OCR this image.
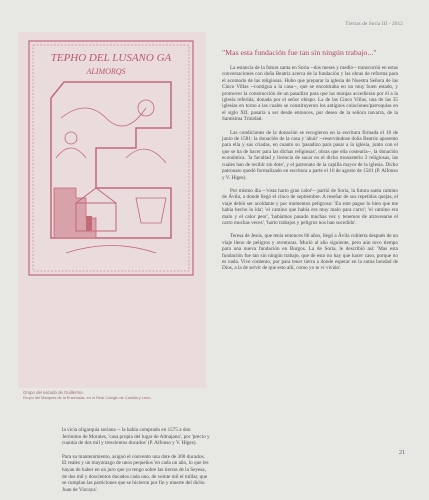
Tierras de Soria III - 2012
TEPHO DEL LUSANO GA
ALIMORQS
Grupo del escudo de Guillermo.
Grupo del Marqués de la Ensenada, en el Real Colegio de Castilla y León.

la vicia oligarquía soriana -- la había comprado en 1575 a don Jerónimo de Morales, 'casa propia del lugar de Almajano', por 'precio y cuantía de dos mil y trescientos ducados' (P. Alfonso y V. Higes).

Para su mantenimiento, asignó el convento una dote de 300 ducados. El reales y un mayorazgo de unos pequeños 'en cada un año, lo que les hayan de haber en un juro que yo tengo sobre las tierras de la Seyesa, de dos mil y doscientos ducados cada uno, de veinte mil el millar, que se cumplan las particiones que se hicieron por fin y muerte del dicho Juan de Vizcaya'.

"Mas esta fundación fue tan sin ningún trabajo..."

La estancia de la futura santa en Soria --dos meses y medio-- transcurrió en estas conversaciones con doña Beatriz acerca de la fundación y las obras de reforma para el acomodo de las religiosas. Hubo que preparar la iglesia de Nuestra Señora de las Cinco Villas --contigua a la casa--, que se encontraba en un muy buen estado, y promover la construcción de un pasadizo para que las monjas accedieran por él a la iglesia referida, donada por el señor obispo. La de las Cinco Villas, una de las 35 iglesias en torno a las cuales se constituyeron los antiguos colaciones/parroquias en el siglo XII, pasaría a ser desde entonces, por deseo de la señora navarra, de la Santísima Trinidad.

Las condiciones de la donación se recogieron en la escritura firmada el 16 de junio de 1581: la donación de la casa y 'ahuir' --reservándose doña Beatriz aposento para ella y sus criadas, en cuanto su 'pasadizo para pasar a la iglesia, junto con el que se ha de hacer para las dichas religiosas', obras que ella costearía--, la donación económica. 'la facultad y licencia de sacar en el dicho monasterio 3 religiosas, las cuales han de recibir sin dote', y el patronato de la capilla mayor de la iglesia. Dicho patronato quedó formalizado en escritura a parte el 16 de agosto de 1581 (P. Alfonso y V. Higes).

Por mismo día --'vista harto gran calor'-- partió de Soria, la futura santa camino de Ávila, a donde llegó el cinco de septiembre. A reseñar de sus repetidas quejas, el viaje debió ser acoldante y por momentos peligroso: 'En este pague lo bien que me había hecho la ida'; 'el camino que había era muy malo para carro'; 'el camino era malo y el calor peor', 'habíamos pasado muchas vez y tenemos de atravesarse el carro muchas veces', 'harto trabajos y peligros nos han sucedido'.

Teresa de Jesús, que tenía entonces 66 años, llegó a Ávila cubierta después de un viaje lleno de peligros y aventuras. Murió al año siguiente, pero aún tuvo tiempo para una nueva fundación en Burgos. La de Soria, le describió así: 'Mas esta fundación fue tan sin ningún trabajo, que de esto no hay que hacer caso, porque no es nada. Vive contento, por para tener tierra a donde esperar en la suma bondad de Dios, a la de servir de que esto allí, como yo te vi vivido'.

21
